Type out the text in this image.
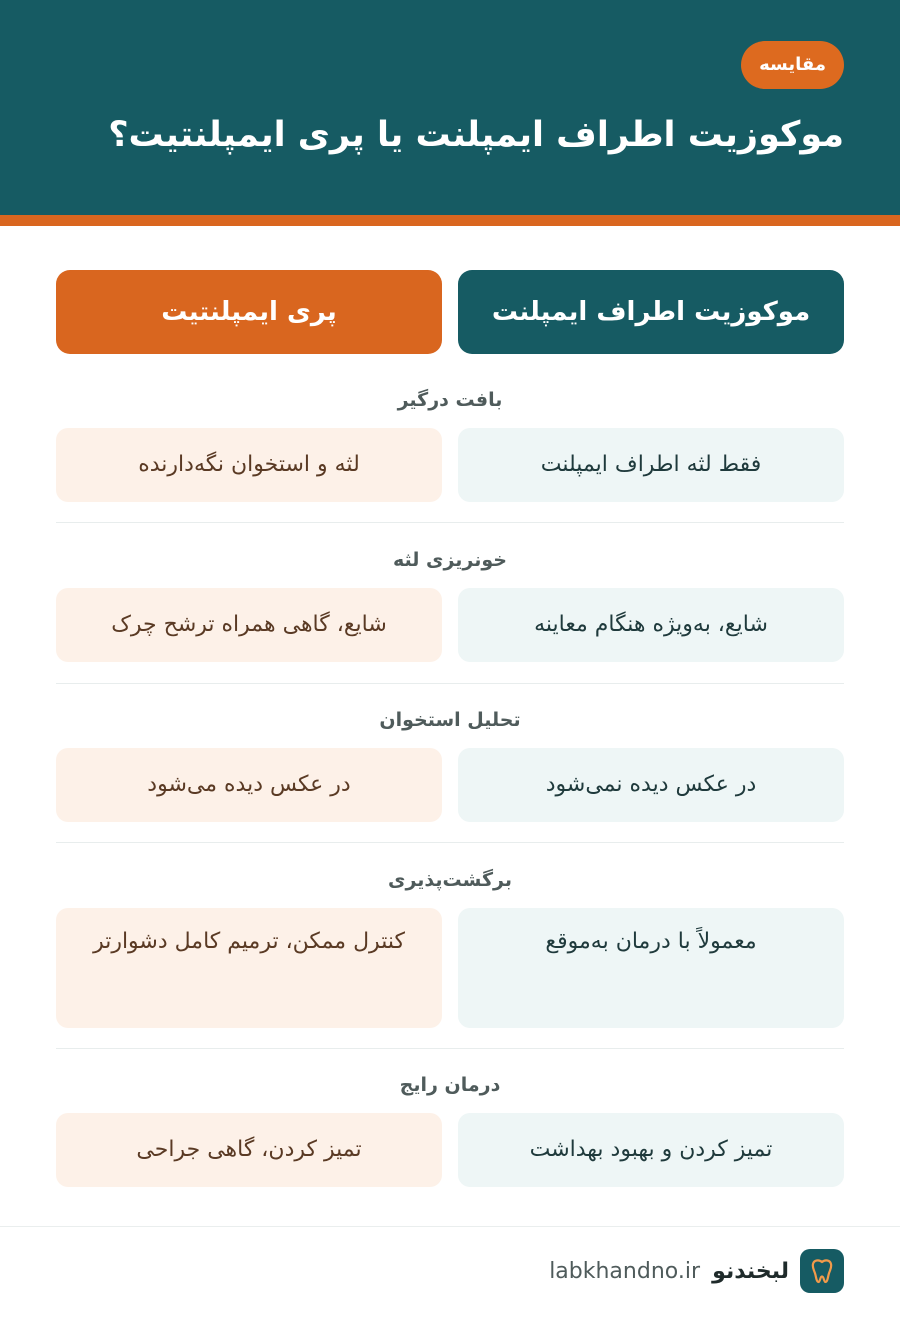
مقایسه
موکوزیت اطراف ایمپلنت یا پری ایمپلنتیت؟
موکوزیت اطراف ایمپلنت
پری ایمپلنتیت
بافت درگیر
فقط لثه اطراف ایمپلنت
لثه و استخوان نگه‌دارنده
خونریزی لثه
شایع، به‌ویژه هنگام معاینه
شایع، گاهی همراه ترشح چرک
تحلیل استخوان
در عکس دیده نمی‌شود
در عکس دیده می‌شود
برگشت‌پذیری
معمولاً با درمان به‌موقع
کنترل ممکن، ترمیم کامل دشوارتر
درمان رایج
تمیز کردن و بهبود بهداشت
تمیز کردن، گاهی جراحی
لبخندنو
labkhandno.ir
